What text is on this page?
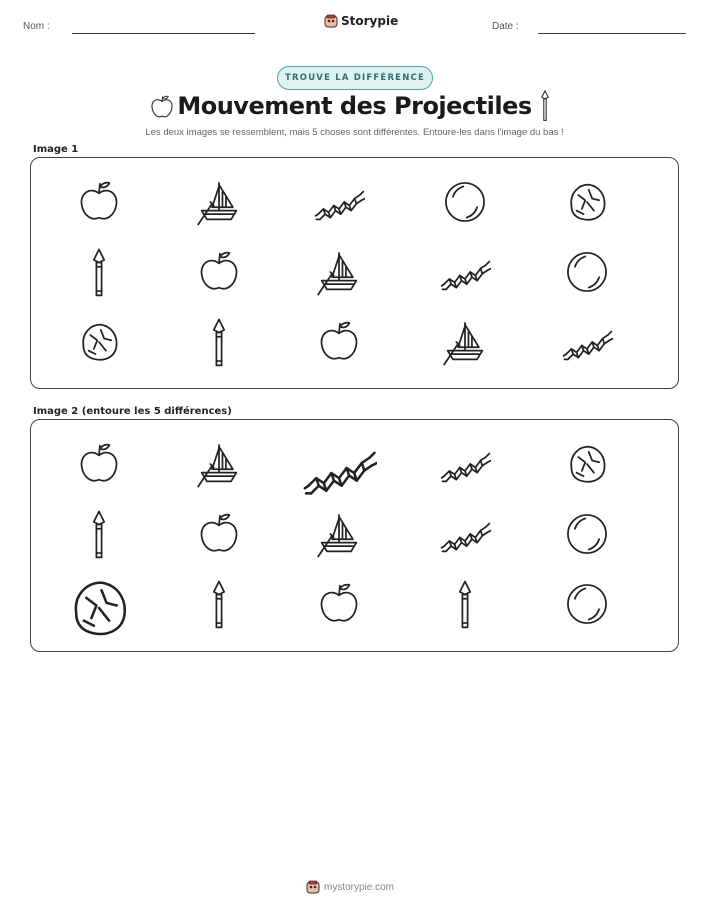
Nom :	Storypie	Date :
TROUVE LA DIFFÉRENCE
Mouvement des Projectiles
Les deux images se ressemblent, mais 5 choses sont différentes. Entoure-les dans l'image du bas !
Image 1
Image 2 (entoure les 5 différences)
mystorypie.com
